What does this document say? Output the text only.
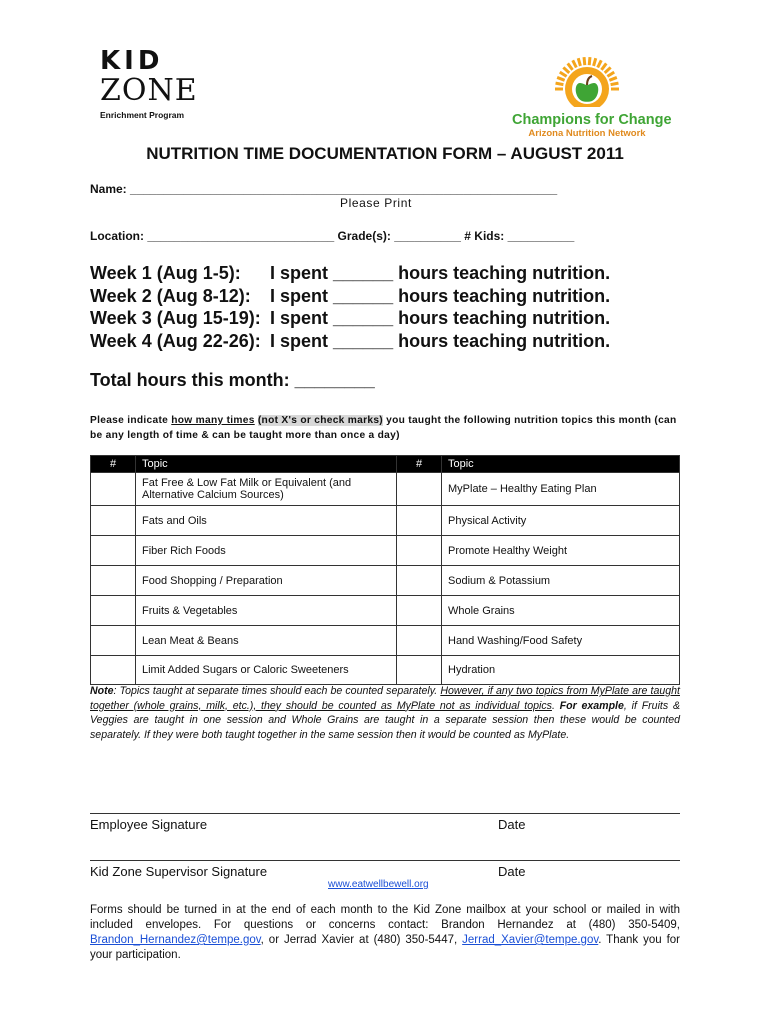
KID
ZONE
Enrichment Program	Champions for Change
Arizona Nutrition Network
NUTRITION TIME DOCUMENTATION FORM – AUGUST 2011
Name: ________________________________________________________________
Please Print
Location: ____________________________ Grade(s): __________ # Kids: __________
Week 1 (Aug 1-5):	I spent ______ hours teaching nutrition.
Week 2 (Aug 8-12):	I spent ______ hours teaching nutrition.
Week 3 (Aug 15-19): I spent ______ hours teaching nutrition.
Week 4 (Aug 22-26): I spent ______ hours teaching nutrition.
Total hours this month: ________
Please indicate how many times (not X's or check marks) you taught the following nutrition topics this month (can be any length of time & can be taught more than once a day)
#	Topic	#	Topic
	Fat Free & Low Fat Milk or Equivalent (and Alternative Calcium Sources)		MyPlate – Healthy Eating Plan
	Fats and Oils		Physical Activity
	Fiber Rich Foods		Promote Healthy Weight
	Food Shopping / Preparation		Sodium & Potassium
	Fruits & Vegetables		Whole Grains
	Lean Meat & Beans		Hand Washing/Food Safety
	Limit Added Sugars or Caloric Sweeteners		Hydration
Note: Topics taught at separate times should each be counted separately. However, if any two topics from MyPlate are taught together (whole grains, milk, etc.), they should be counted as MyPlate not as individual topics. For example, if Fruits & Veggies are taught in one session and Whole Grains are taught in a separate session then these would be counted separately. If they were both taught together in the same session then it would be counted as MyPlate.
Employee Signature	Date
Kid Zone Supervisor Signature	Date
www.eatwellbewell.org
Forms should be turned in at the end of each month to the Kid Zone mailbox at your school or mailed in with included envelopes. For questions or concerns contact: Brandon Hernandez at (480) 350-5409, Brandon_Hernandez@tempe.gov, or Jerrad Xavier at (480) 350-5447, Jerrad_Xavier@tempe.gov. Thank you for your participation.
